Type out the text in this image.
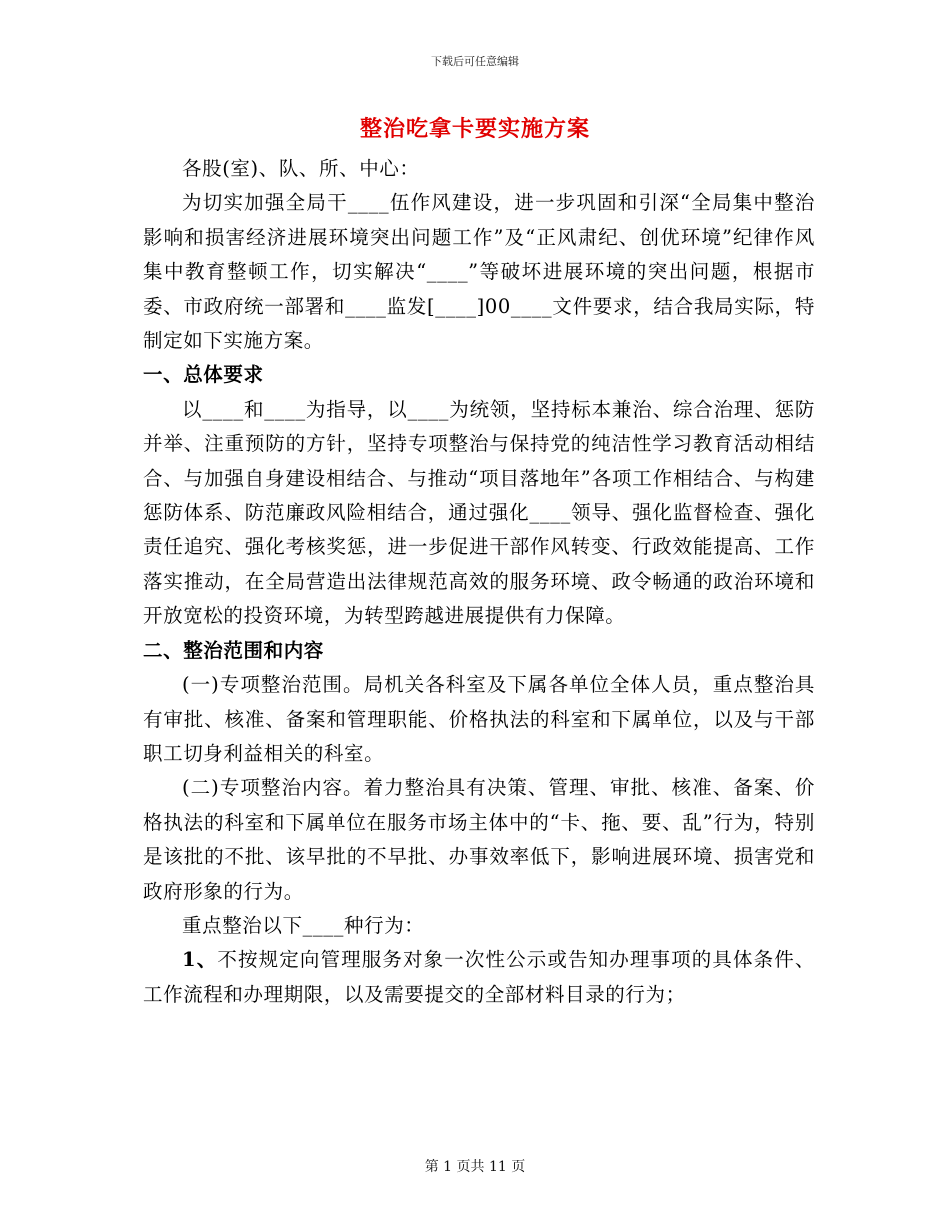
下载后可任意编辑
整治吃拿卡要实施方案

各股(室)、队、所、中心：

为切实加强全局干____伍作风建设，进一步巩固和引深“全局集中整治影响和损害经济进展环境突出问题工作”及“正风肃纪、创优环境”纪律作风集中教育整顿工作，切实解决“____”等破坏进展环境的突出问题，根据市委、市政府统一部署和____监发[____]00____文件要求，结合我局实际，特制定如下实施方案。

一、总体要求

以____和____为指导，以____为统领，坚持标本兼治、综合治理、惩防并举、注重预防的方针，坚持专项整治与保持党的纯洁性学习教育活动相结合、与加强自身建设相结合、与推动“项目落地年”各项工作相结合、与构建惩防体系、防范廉政风险相结合，通过强化____领导、强化监督检查、强化责任追究、强化考核奖惩，进一步促进干部作风转变、行政效能提高、工作落实推动，在全局营造出法律规范高效的服务环境、政令畅通的政治环境和开放宽松的投资环境，为转型跨越进展提供有力保障。

二、整治范围和内容

(一)专项整治范围。局机关各科室及下属各单位全体人员，重点整治具有审批、核准、备案和管理职能、价格执法的科室和下属单位，以及与干部职工切身利益相关的科室。

(二)专项整治内容。着力整治具有决策、管理、审批、核准、备案、价格执法的科室和下属单位在服务市场主体中的“卡、拖、要、乱”行为，特别是该批的不批、该早批的不早批、办事效率低下，影响进展环境、损害党和政府形象的行为。

重点整治以下____种行为：

1、不按规定向管理服务对象一次性公示或告知办理事项的具体条件、工作流程和办理期限，以及需要提交的全部材料目录的行为；

第 1 页共 11 页
